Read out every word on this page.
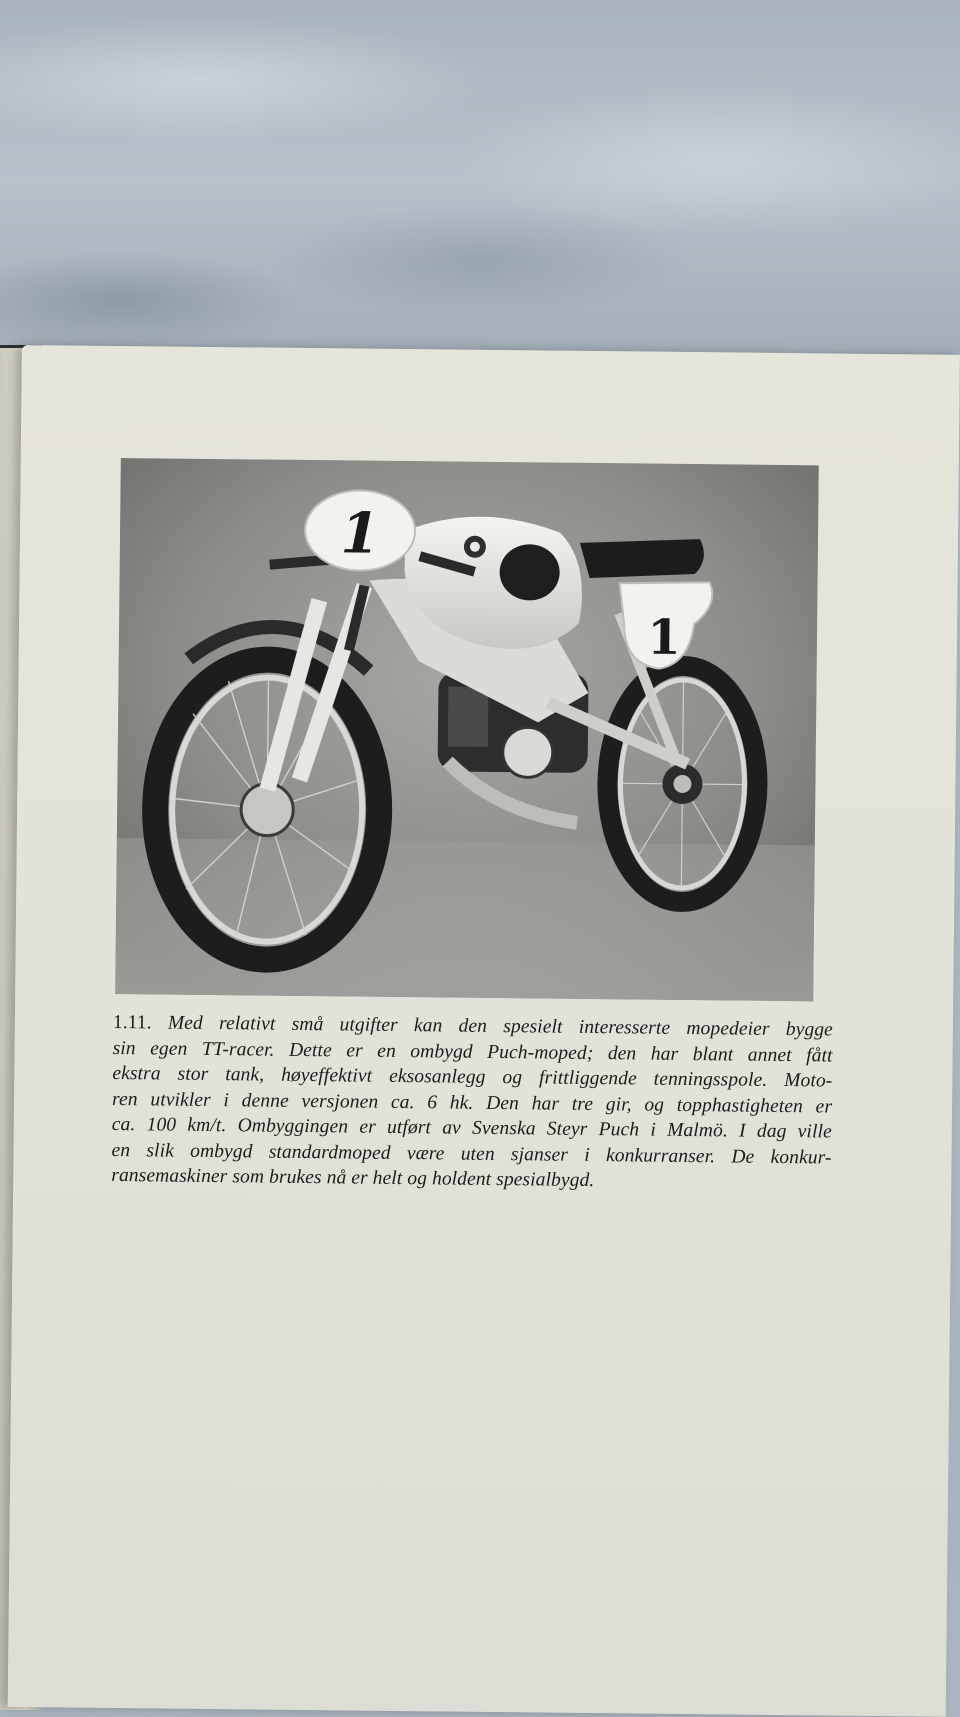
1
1
1.11. Med relativt små utgifter kan den spesielt interesserte mopedeier bygge
sin egen TT-racer. Dette er en ombygd Puch-moped; den har blant annet fått
ekstra stor tank, høyeffektivt eksosanlegg og frittliggende tenningsspole. Moto-
ren utvikler i denne versjonen ca. 6 hk. Den har tre gir, og topphastigheten er
ca. 100 km/t. Ombyggingen er utført av Svenska Steyr Puch i Malmö. I dag ville
en slik ombygd standardmoped være uten sjanser i konkurranser. De konkur-
ransemaskiner som brukes nå er helt og holdent spesialbygd.
